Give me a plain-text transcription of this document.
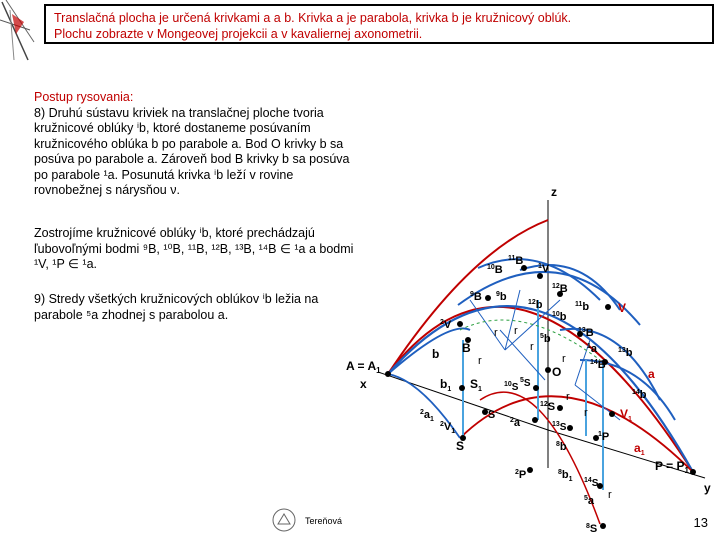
Translačná plocha je určená krivkami a a b. Krivka a je parabola, krivka b je kružnicový oblúk.
Plochu zobrazte v Mongeovej projekcii a v kavaliernej axonometrii.
Postup rysovania:
8) Druhú sústavu kriviek na translačnej ploche tvoria
kružnicové oblúky ⁱb, ktoré dostaneme posúvaním
kružnicového oblúka b po parabole a. Bod O krivky b sa
posúva po parabole a. Zároveň bod B krivky b sa posúva
po parabole ¹a. Posunutá krivka ⁱb leží v rovine
rovnobežnej s nárysňou ν.
Zostrojíme kružnicové oblúky ⁱb, ktoré prechádzajú
ľubovoľnými bodmi ⁹B, ¹⁰B, ¹¹B, ¹²B, ¹³B, ¹⁴B ∈ ¹a a bodmi
¹V, ¹P ∈ ¹a.
9) Stredy všetkých kružnicových oblúkov ⁱb ležia na
parabole ⁵a zhodnej s parabolou a.
z
x
y
$A = A_1$
$P = P_1$
$^{11}$B $^1$V
$^{10}$B
$^{12}$B
$^9$B $^9$b	$^{12}$b
$^{10}$b
$^{11}$b V
$^2$V	$^{13}$B
$^5$b
b B	$^1$a	$^{13}$b
$^{14}$B
O	a
$b_1$ $S_1$
$^{10}$S
$^5$S
$^{14}$b
$^{12}$S
$^9$S
$^2a_1$	$V_1$
$^2$a	$^{13}$S
$^2V_1$	$^1$P
S	$a_1$
$^8$b
$^2$P	$^8b_1$ $^{14}$S
$^5$a
$^8$S
r r
r
r
r
r
r
r
Tereňová	13
